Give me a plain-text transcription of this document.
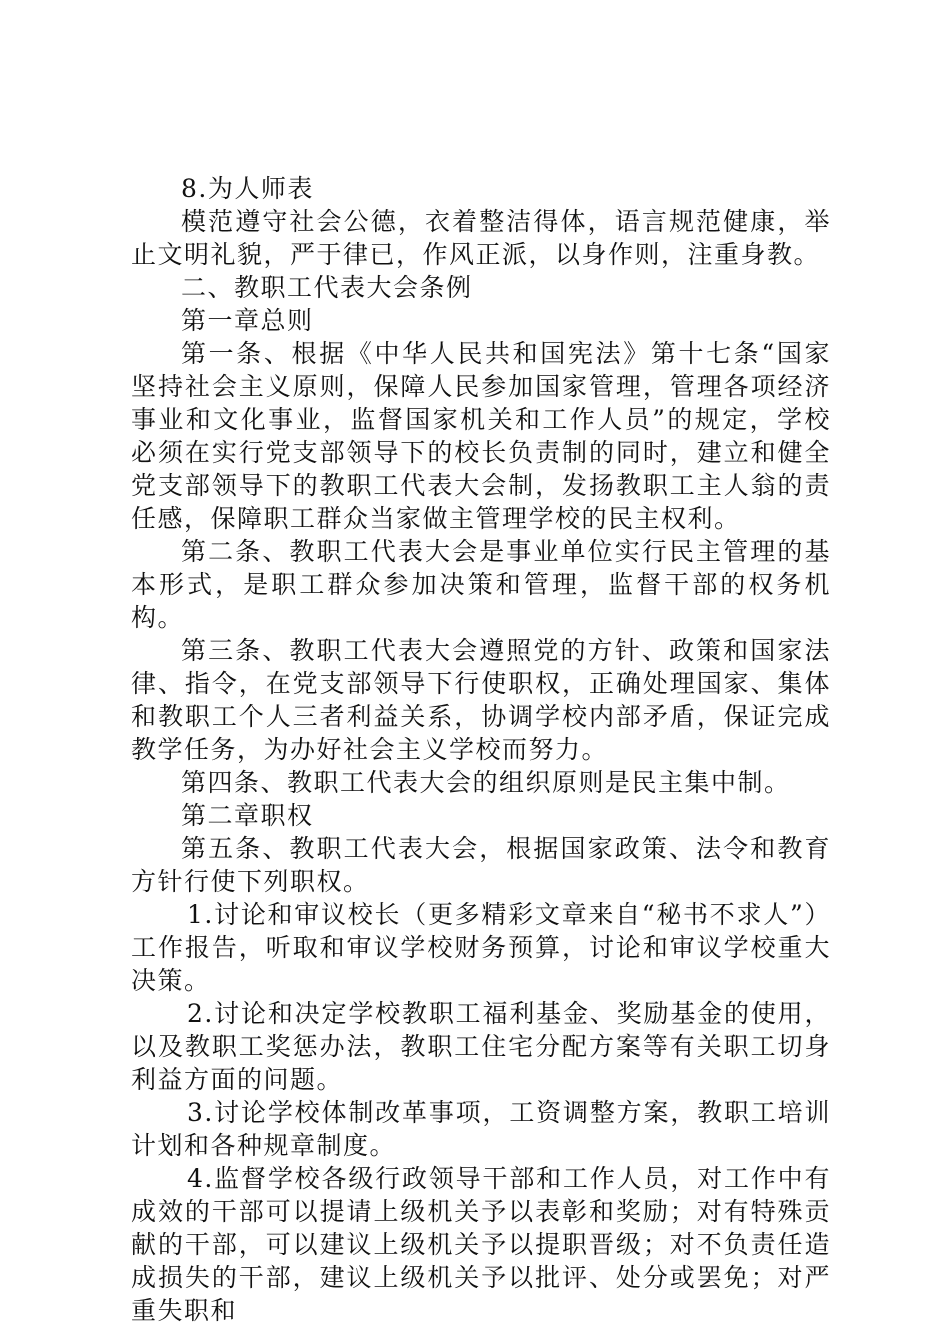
8.为人师表

模范遵守社会公德，衣着整洁得体，语言规范健康，举止文明礼貌，严于律已，作风正派，以身作则，注重身教。

二、教职工代表大会条例

第一章总则

第一条、根据《中华人民共和国宪法》第十七条“国家坚持社会主义原则，保障人民参加国家管理，管理各项经济事业和文化事业，监督国家机关和工作人员”的规定，学校必须在实行党支部领导下的校长负责制的同时，建立和健全党支部领导下的教职工代表大会制，发扬教职工主人翁的责任感，保障职工群众当家做主管理学校的民主权利。

第二条、教职工代表大会是事业单位实行民主管理的基本形式，是职工群众参加决策和管理，监督干部的权务机构。

第三条、教职工代表大会遵照党的方针、政策和国家法律、指令，在党支部领导下行使职权，正确处理国家、集体和教职工个人三者利益关系，协调学校内部矛盾，保证完成教学任务，为办好社会主义学校而努力。

第四条、教职工代表大会的组织原则是民主集中制。

第二章职权

第五条、教职工代表大会，根据国家政策、法令和教育方针行使下列职权。

1.讨论和审议校长（更多精彩文章来自“秘书不求人”）工作报告，听取和审议学校财务预算，讨论和审议学校重大决策。

2.讨论和决定学校教职工福利基金、奖励基金的使用，以及教职工奖惩办法，教职工住宅分配方案等有关职工切身利益方面的问题。

3.讨论学校体制改革事项，工资调整方案，教职工培训计划和各种规章制度。

4.监督学校各级行政领导干部和工作人员，对工作中有成效的干部可以提请上级机关予以表彰和奖励；对有特殊贡献的干部，可以建议上级机关予以提职晋级；对不负责任造成损失的干部，建议上级机关予以批评、处分或罢免；对严重失职和
